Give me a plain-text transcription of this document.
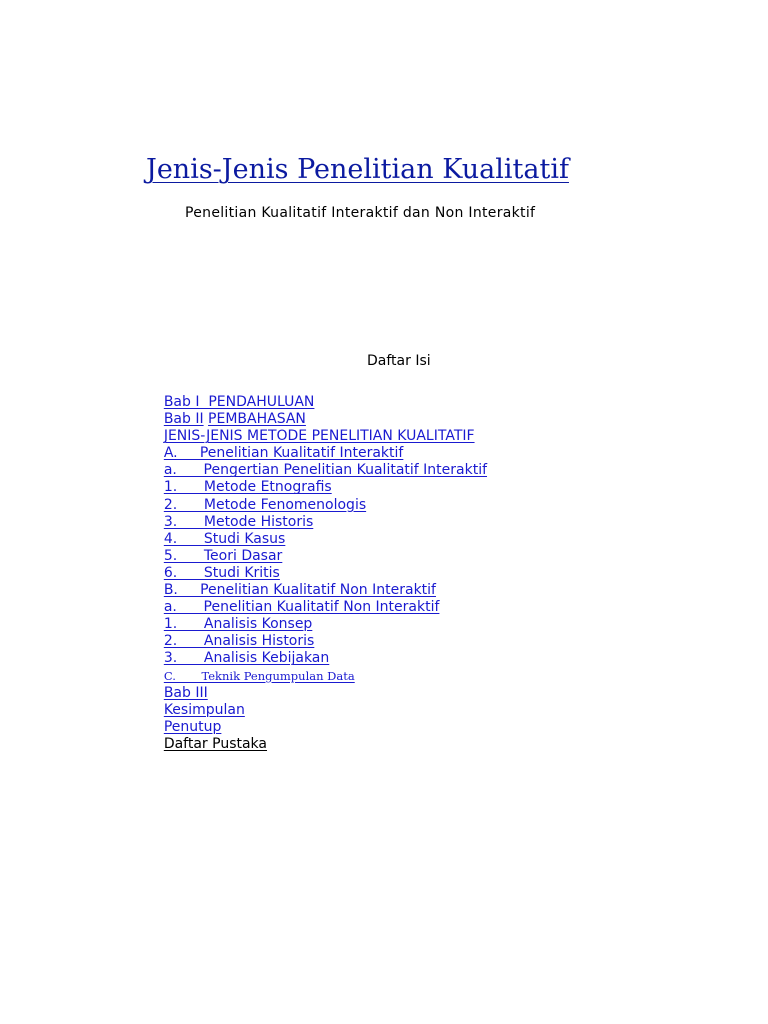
Jenis-Jenis Penelitian Kualitatif

Penelitian Kualitatif Interaktif dan Non Interaktif

Daftar Isi

Bab I  PENDAHULUAN

Bab II PEMBAHASAN

JENIS-JENIS METODE PENELITIAN KUALITATIF

A.     Penelitian Kualitatif Interaktif

a.      Pengertian Penelitian Kualitatif Interaktif

1.      Metode Etnografis

2.      Metode Fenomenologis

3.      Metode Historis

4.      Studi Kasus

5.      Teori Dasar

6.      Studi Kritis

B.     Penelitian Kualitatif Non Interaktif

a.      Penelitian Kualitatif Non Interaktif

1.      Analisis Konsep

2.      Analisis Historis

3.      Analisis Kebijakan

C.       Teknik Pengumpulan Data

Bab III

Kesimpulan

Penutup

Daftar Pustaka
